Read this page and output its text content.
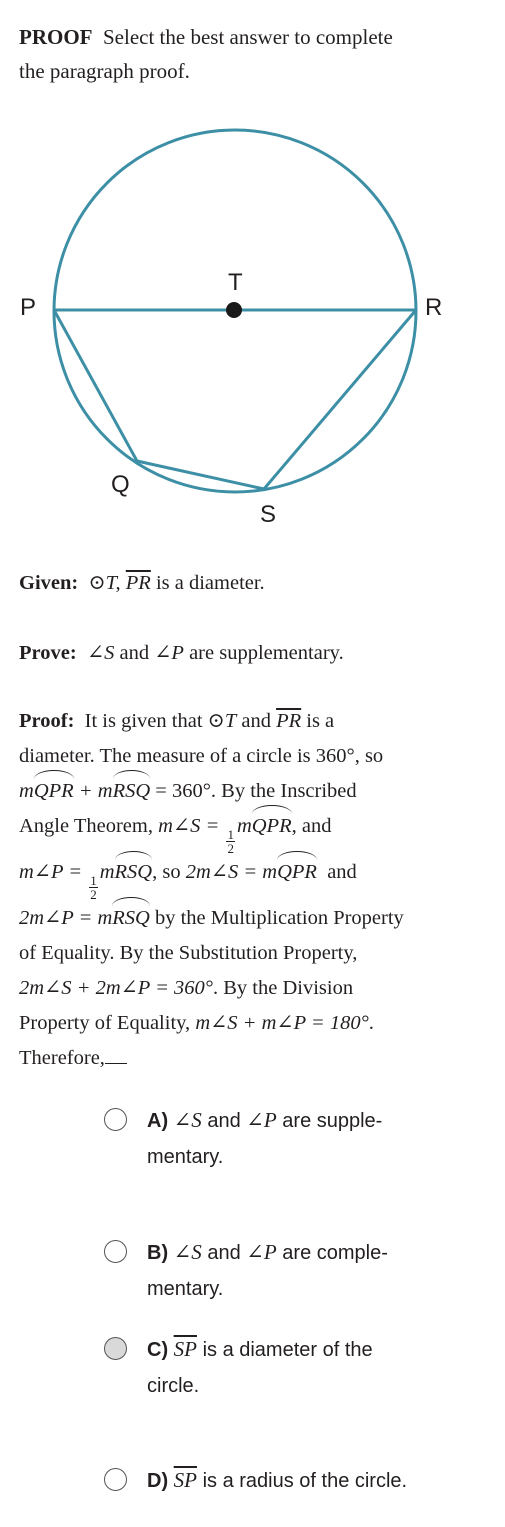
PROOF Select the best answer to complete
the paragraph proof.
P
T
R
Q
S
Given: ⊙T, $\overline{PR}$ is a diameter.
Prove: ∠S and ∠P are supplementary.
Proof: It is given that ⊙T and $\overline{PR}$ is a
diameter. The measure of a circle is 360°, so
mQPR + mRSQ = 360°. By the Inscribed
Angle Theorem, m∠S =
$\frac{1}{2}$
mQPR, and
m∠P =
$\frac{1}{2}$
mRSQ, so 2m∠S = mQPR and
2m∠P = mRSQ by the Multiplication Property
of Equality. By the Substitution Property,
2m∠S + 2m∠P = 360°. By the Division
Property of Equality, m∠S + m∠P = 180°.
Therefore,
A) ∠S and ∠P are supple-
mentary.
B) ∠S and ∠P are comple-
mentary.
C) $\overline{SP}$ is a diameter of the
circle.
D) $\overline{SP}$ is a radius of the circle.
